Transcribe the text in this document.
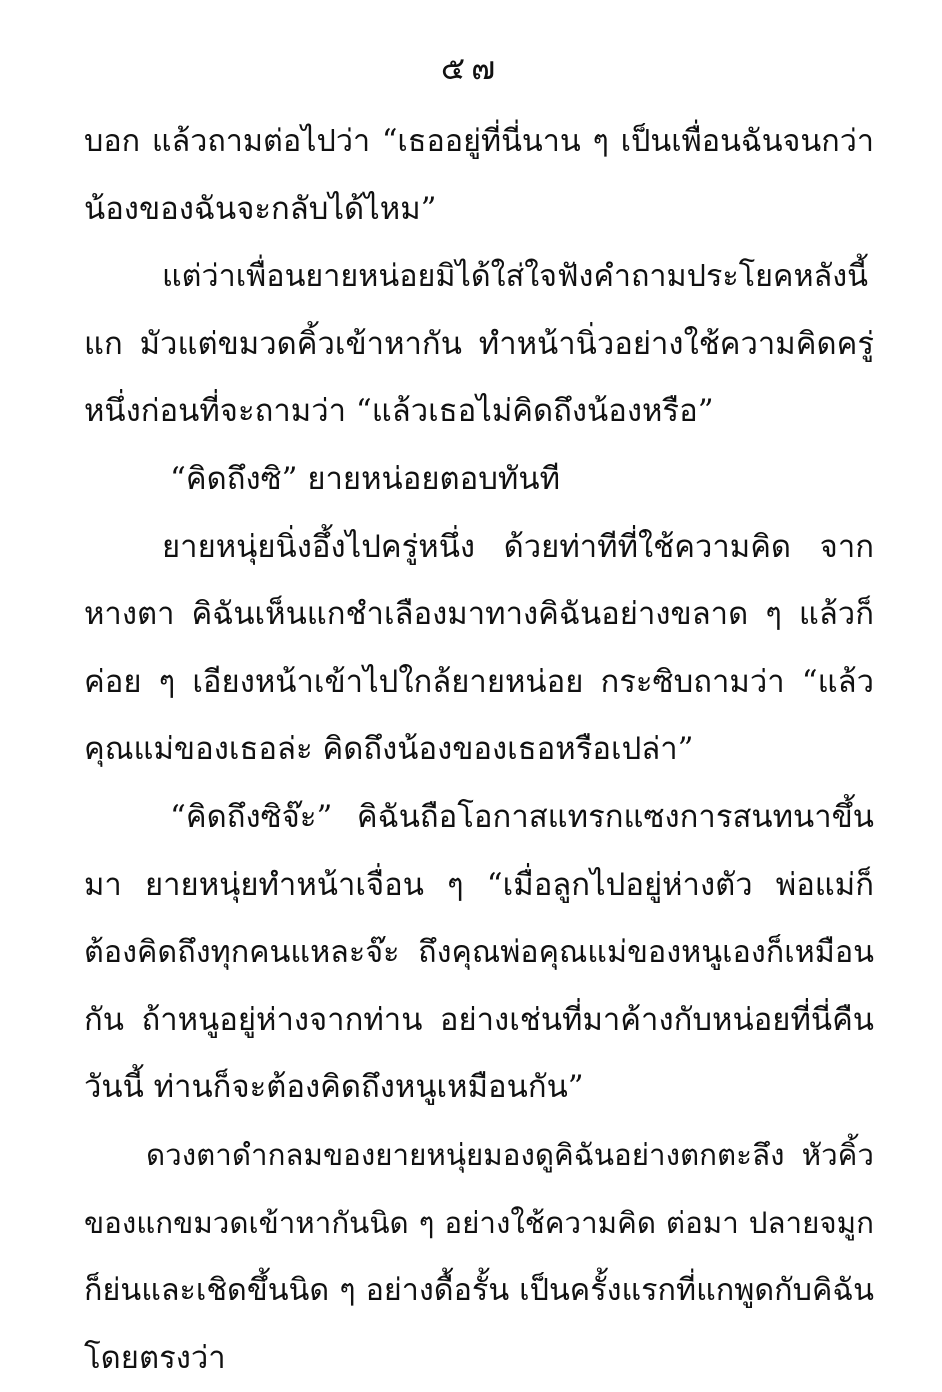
๕๗
บอก แล้วถามต่อไปว่า “เธออยู่ที่นี่นาน ๆ เป็นเพื่อนฉันจนกว่า
น้องของฉันจะกลับได้ไหม”
แต่ว่าเพื่อนยายหน่อยมิได้ใส่ใจฟังคำถามประโยคหลังนี้
แก มัวแต่ขมวดคิ้วเข้าหากัน ทำหน้านิ่วอย่างใช้ความคิดครู่
หนึ่งก่อนที่จะถามว่า “แล้วเธอไม่คิดถึงน้องหรือ”
“คิดถึงซิ” ยายหน่อยตอบทันที
ยายหนุ่ยนิ่งอึ้งไปครู่หนึ่ง ด้วยท่าทีที่ใช้ความคิด จาก
หางตา คิฉันเห็นแกชำเลืองมาทางคิฉันอย่างขลาด ๆ แล้วก็
ค่อย ๆ เอียงหน้าเข้าไปใกล้ยายหน่อย กระซิบถามว่า “แล้ว
คุณแม่ของเธอล่ะ คิดถึงน้องของเธอหรือเปล่า”
“คิดถึงซิจ๊ะ” คิฉันถือโอกาสแทรกแซงการสนทนาขึ้น
มา ยายหนุ่ยทำหน้าเจื่อน ๆ “เมื่อลูกไปอยู่ห่างตัว พ่อแม่ก็
ต้องคิดถึงทุกคนแหละจ๊ะ ถึงคุณพ่อคุณแม่ของหนูเองก็เหมือน
กัน ถ้าหนูอยู่ห่างจากท่าน อย่างเช่นที่มาค้างกับหน่อยที่นี่คืน
วันนี้ ท่านก็จะต้องคิดถึงหนูเหมือนกัน”
ดวงตาดำกลมของยายหนุ่ยมองดูคิฉันอย่างตกตะลึง หัวคิ้ว
ของแกขมวดเข้าหากันนิด ๆ อย่างใช้ความคิด ต่อมา ปลายจมูก
ก็ย่นและเชิดขึ้นนิด ๆ อย่างดื้อรั้น เป็นครั้งแรกที่แกพูดกับคิฉัน
โดยตรงว่า
